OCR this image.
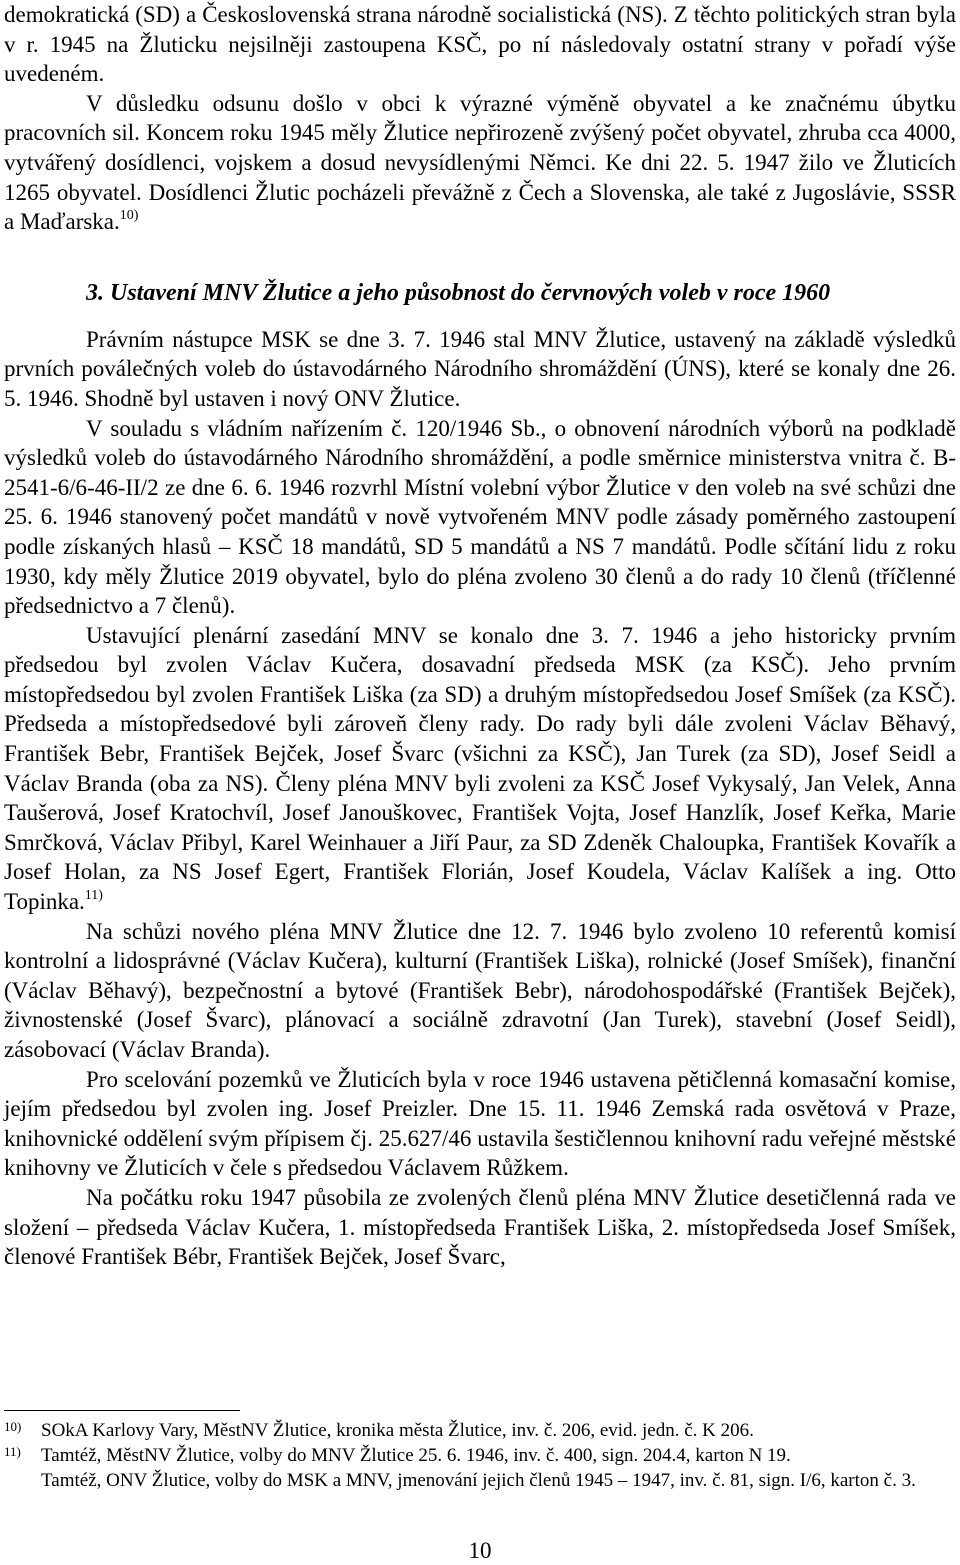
demokratická (SD) a Československá strana národně socialistická (NS). Z těchto politických stran byla v r. 1945 na Žluticku nejsilněji zastoupena KSČ, po ní následovaly ostatní strany v pořadí výše uvedeném.

V důsledku odsunu došlo v obci k výrazné výměně obyvatel a ke značnému úbytku pracovních sil. Koncem roku 1945 měly Žlutice nepřirozeně zvýšený počet obyvatel, zhruba cca 4000, vytvářený dosídlenci, vojskem a dosud nevysídlenými Němci. Ke dni 22. 5. 1947 žilo ve Žluticích 1265 obyvatel. Dosídlenci Žlutic pocházeli převážně z Čech a Slovenska, ale také z Jugoslávie, SSSR a Maďarska.$^{10)}$

3. Ustavení MNV Žlutice a jeho působnost do červnových voleb v roce 1960

Právním nástupce MSK se dne 3. 7. 1946 stal MNV Žlutice, ustavený na základě výsledků prvních poválečných voleb do ústavodárného Národního shromáždění (ÚNS), které se konaly dne 26. 5. 1946. Shodně byl ustaven i nový ONV Žlutice.

V souladu s vládním nařízením č. 120/1946 Sb., o obnovení národních výborů na podkladě výsledků voleb do ústavodárného Národního shromáždění, a podle směrnice ministerstva vnitra č. B-2541-6/6-46-II/2 ze dne 6. 6. 1946 rozvrhl Místní volební výbor Žlutice v den voleb na své schůzi dne 25. 6. 1946 stanovený počet mandátů v nově vytvořeném MNV podle zásady poměrného zastoupení podle získaných hlasů – KSČ 18 mandátů, SD 5 mandátů a NS 7 mandátů. Podle sčítání lidu z roku 1930, kdy měly Žlutice 2019 obyvatel, bylo do pléna zvoleno 30 členů a do rady 10 členů (tříčlenné předsednictvo a 7 členů).

Ustavující plenární zasedání MNV se konalo dne 3. 7. 1946 a jeho historicky prvním předsedou byl zvolen Václav Kučera, dosavadní předseda MSK (za KSČ). Jeho prvním místopředsedou byl zvolen František Liška (za SD) a druhým místopředsedou Josef Smíšek (za KSČ). Předseda a místopředsedové byli zároveň členy rady. Do rady byli dále zvoleni Václav Běhavý, František Bebr, František Bejček, Josef Švarc (všichni za KSČ), Jan Turek (za SD), Josef Seidl a Václav Branda (oba za NS). Členy pléna MNV byli zvoleni za KSČ Josef Vykysalý, Jan Velek, Anna Taušerová, Josef Kratochvíl, Josef Janouškovec, František Vojta, Josef Hanzlík, Josef Keřka, Marie Smrčková, Václav Přibyl, Karel Weinhauer a Jiří Paur, za SD Zdeněk Chaloupka, František Kovařík a Josef Holan, za NS Josef Egert, František Florián, Josef Koudela, Václav Kalíšek a ing. Otto Topinka.$^{11)}$

Na schůzi nového pléna MNV Žlutice dne 12. 7. 1946 bylo zvoleno 10 referentů komisí kontrolní a lidosprávné (Václav Kučera), kulturní (František Liška), rolnické (Josef Smíšek), finanční (Václav Běhavý), bezpečnostní a bytové (František Bebr), národohospodářské (František Bejček), živnostenské (Josef Švarc), plánovací a sociálně zdravotní (Jan Turek), stavební (Josef Seidl), zásobovací (Václav Branda).

Pro scelování pozemků ve Žluticích byla v roce 1946 ustavena pětičlenná komasační komise, jejím předsedou byl zvolen ing. Josef Preizler. Dne 15. 11. 1946 Zemská rada osvětová v Praze, knihovnické oddělení svým přípisem čj. 25.627/46 ustavila šestičlennou knihovní radu veřejné městské knihovny ve Žluticích v čele s předsedou Václavem Růžkem.

Na počátku roku 1947 působila ze zvolených členů pléna MNV Žlutice desetičlenná rada ve složení – předseda Václav Kučera, 1. místopředseda František Liška, 2. místopředseda Josef Smíšek, členové František Bébr, František Bejček, Josef Švarc,

10) SOkA Karlovy Vary, MěstNV Žlutice, kronika města Žlutice, inv. č. 206, evid. jedn. č. K 206.
11) Tamtéž, MěstNV Žlutice, volby do MNV Žlutice 25. 6. 1946, inv. č. 400, sign. 204.4, karton N 19.
Tamtéž, ONV Žlutice, volby do MSK a MNV, jmenování jejich členů 1945 – 1947, inv. č. 81, sign. I/6, karton č. 3.
10
